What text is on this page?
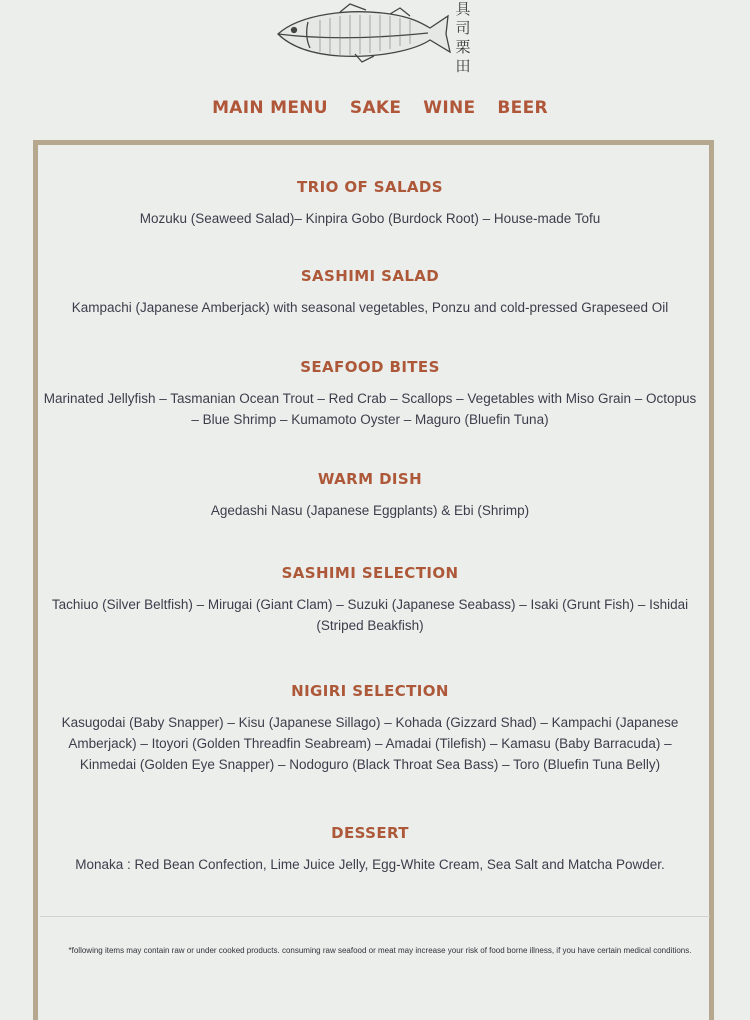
具
司
栗
田
MAIN MENU SAKE WINE BEER
TRIO OF SALADS
Mozuku (Seaweed Salad)– Kinpira Gobo (Burdock Root) – House-made Tofu
SASHIMI SALAD
Kampachi (Japanese Amberjack) with seasonal vegetables, Ponzu and cold-pressed Grapeseed Oil
SEAFOOD BITES
Marinated Jellyfish – Tasmanian Ocean Trout – Red Crab – Scallops – Vegetables with Miso Grain – Octopus – Blue Shrimp – Kumamoto Oyster – Maguro (Bluefin Tuna)
WARM DISH
Agedashi Nasu (Japanese Eggplants) & Ebi (Shrimp)
SASHIMI SELECTION
Tachiuo (Silver Beltfish) – Mirugai (Giant Clam) – Suzuki (Japanese Seabass) – Isaki (Grunt Fish) – Ishidai (Striped Beakfish)
NIGIRI SELECTION
Kasugodai (Baby Snapper) – Kisu (Japanese Sillago) – Kohada (Gizzard Shad) – Kampachi (Japanese Amberjack) – Itoyori (Golden Threadfin Seabream) – Amadai (Tilefish) – Kamasu (Baby Barracuda) – Kinmedai (Golden Eye Snapper) – Nodoguro (Black Throat Sea Bass) – Toro (Bluefin Tuna Belly)
DESSERT
Monaka : Red Bean Confection, Lime Juice Jelly, Egg-White Cream, Sea Salt and Matcha Powder.
*following items may contain raw or under cooked products. consuming raw seafood or meat may increase your risk of food borne illness, if you have certain medical conditions.
